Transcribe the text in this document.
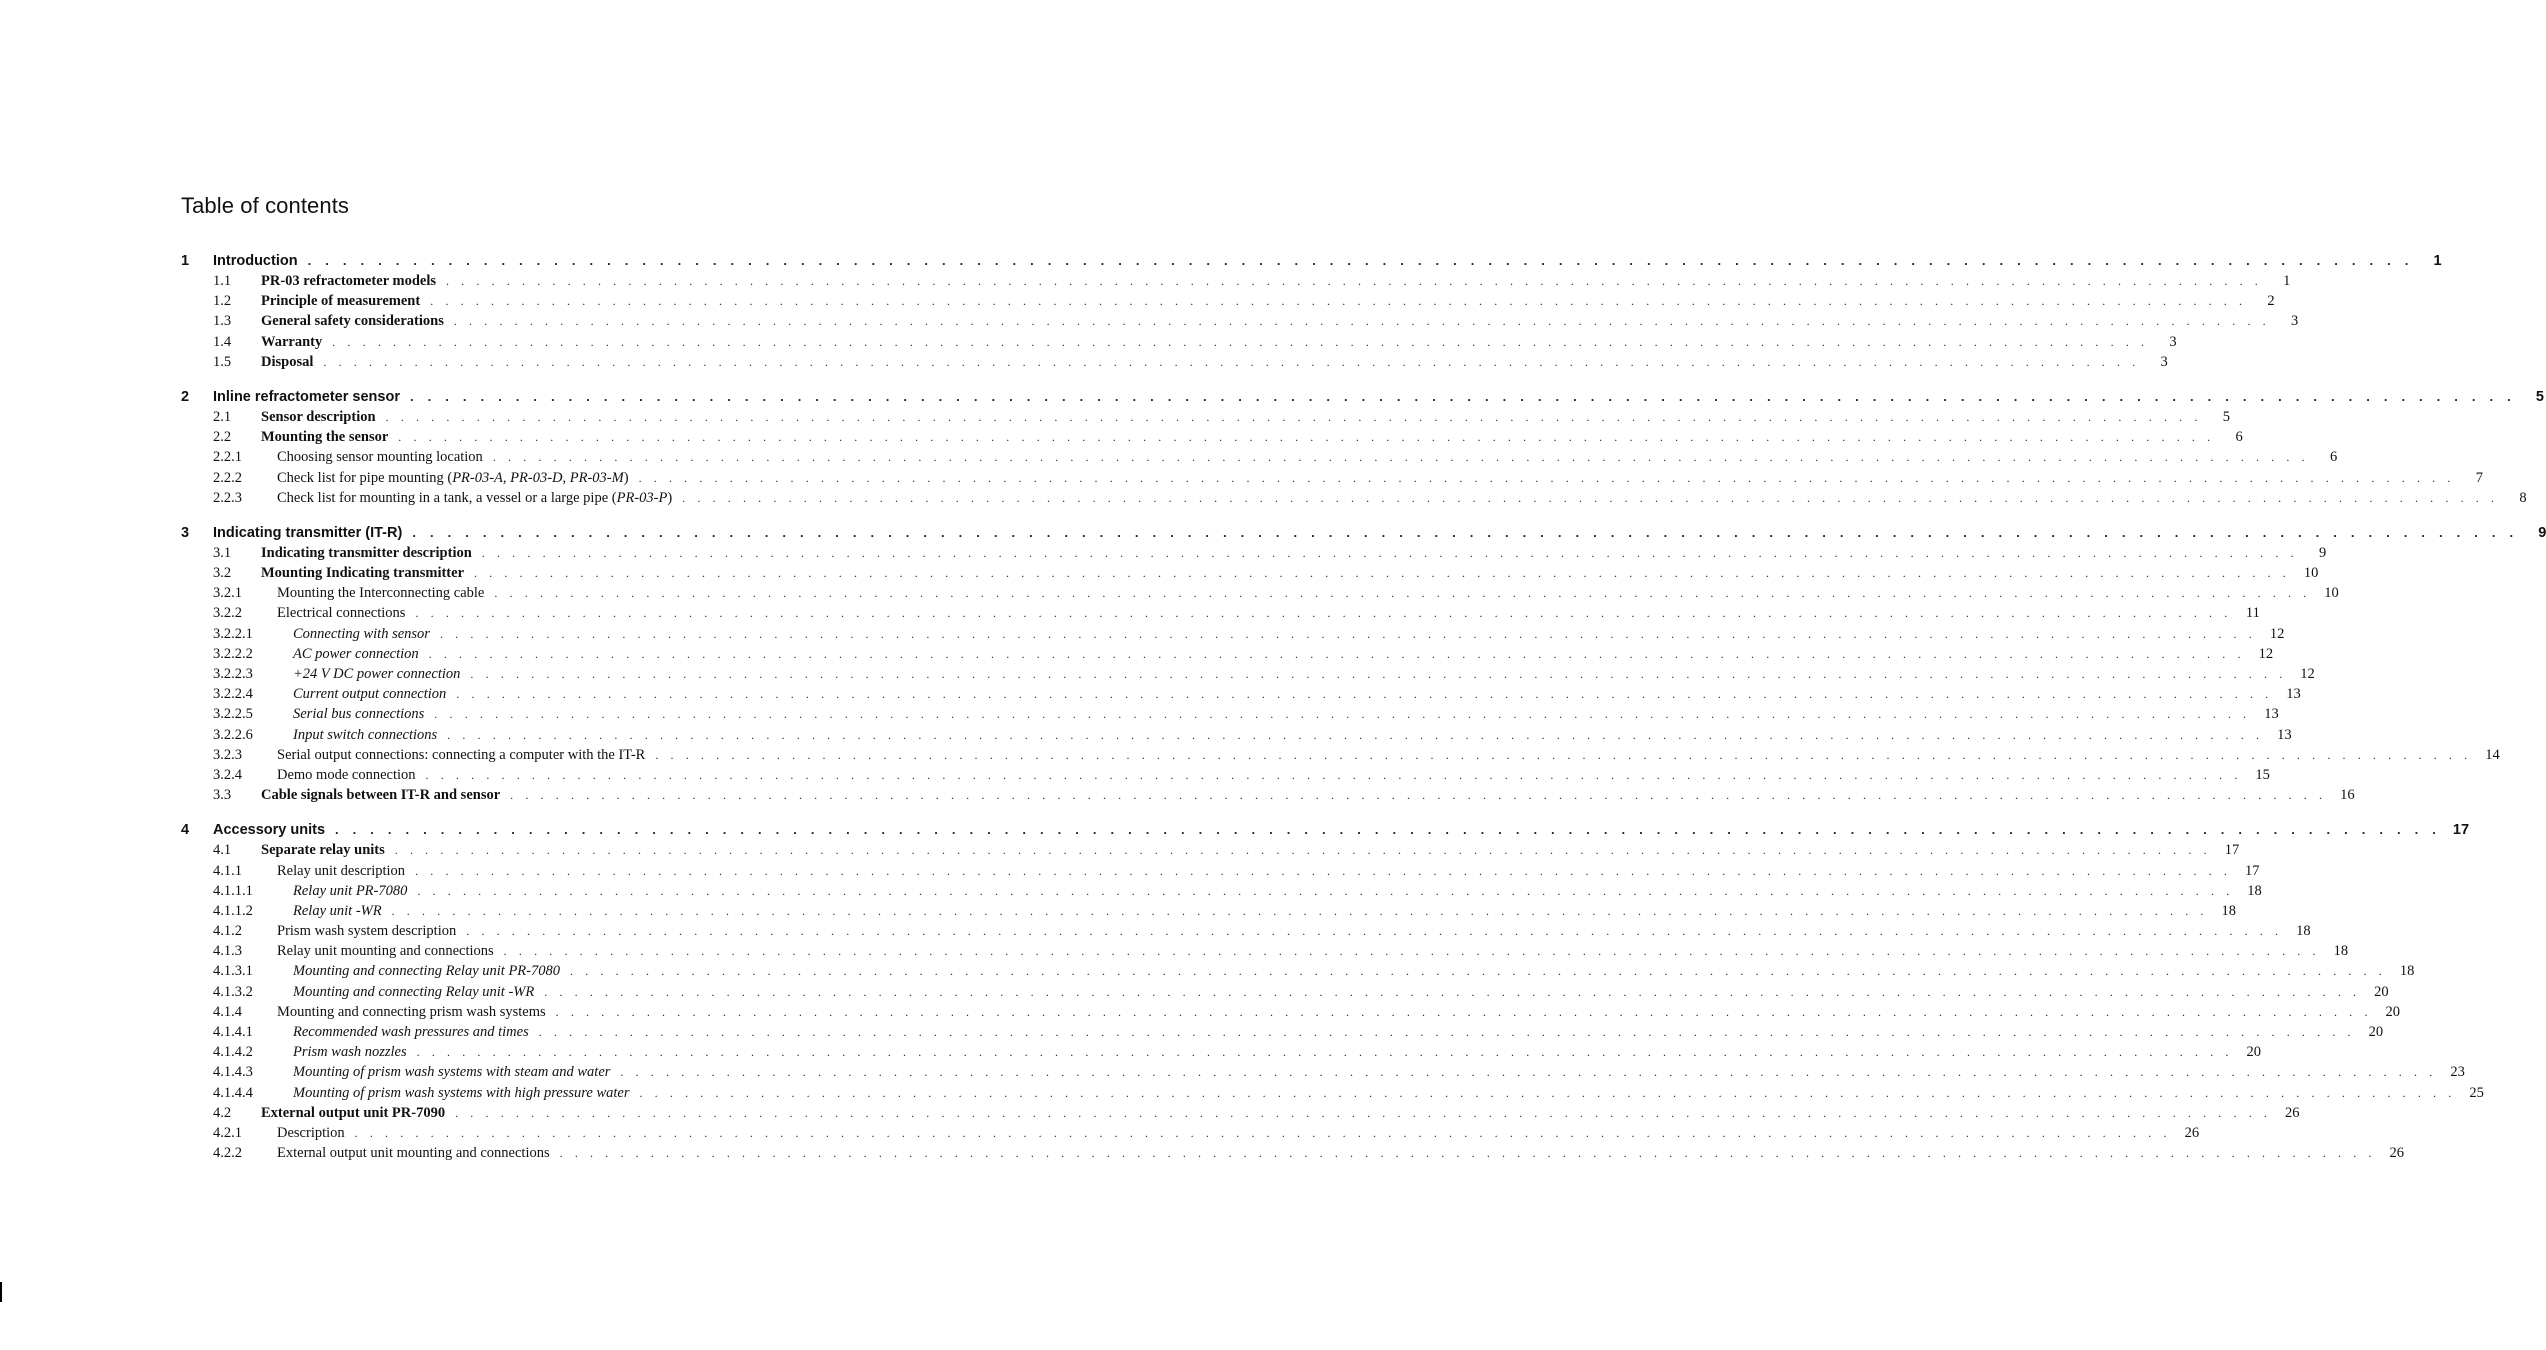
Table of contents
1	Introduction . . . . . . . . . . . . . . . . . . . . . . . . . . . . . . . . . . . . . . . . . . . . . . . . . . . . . . . . . . . . . . . . . . . . . . . . . . . . . . . . . . . . . . . . . . . . . . . . . . . . . . . . . . . . . . . . . . . . . . . .	1
1.1	PR-03 refractometer models . . . . . . . . . . . . . . . . . . . . . . . . . . . . . . . . . . . . . . . . . . . . . . . . . . . . . . . . . . . . . . . . . . . . . . . . . . . . . . . . . . . . . . . . . . . . . . . . . . . . . . . . . . . . . . . . . . . . . . . .	1
1.2	Principle of measurement . . . . . . . . . . . . . . . . . . . . . . . . . . . . . . . . . . . . . . . . . . . . . . . . . . . . . . . . . . . . . . . . . . . . . . . . . . . . . . . . . . . . . . . . . . . . . . . . . . . . . . . . . . . . . . . . . . . . . . . .	2
1.3	General safety considerations . . . . . . . . . . . . . . . . . . . . . . . . . . . . . . . . . . . . . . . . . . . . . . . . . . . . . . . . . . . . . . . . . . . . . . . . . . . . . . . . . . . . . . . . . . . . . . . . . . . . . . . . . . . . . . . . . . . . . . . .	3
1.4	Warranty . . . . . . . . . . . . . . . . . . . . . . . . . . . . . . . . . . . . . . . . . . . . . . . . . . . . . . . . . . . . . . . . . . . . . . . . . . . . . . . . . . . . . . . . . . . . . . . . . . . . . . . . . . . . . . . . . . . . . . . .	3
1.5	Disposal . . . . . . . . . . . . . . . . . . . . . . . . . . . . . . . . . . . . . . . . . . . . . . . . . . . . . . . . . . . . . . . . . . . . . . . . . . . . . . . . . . . . . . . . . . . . . . . . . . . . . . . . . . . . . . . . . . . . . . . .	3
2	Inline refractometer sensor . . . . . . . . . . . . . . . . . . . . . . . . . . . . . . . . . . . . . . . . . . . . . . . . . . . . . . . . . . . . . . . . . . . . . . . . . . . . . . . . . . . . . . . . . . . . . . . . . . . . . . . . . . . . . . . . . . . . . . . .	5
2.1	Sensor description . . . . . . . . . . . . . . . . . . . . . . . . . . . . . . . . . . . . . . . . . . . . . . . . . . . . . . . . . . . . . . . . . . . . . . . . . . . . . . . . . . . . . . . . . . . . . . . . . . . . . . . . . . . . . . . . . . . . . . . .	5
2.2	Mounting the sensor . . . . . . . . . . . . . . . . . . . . . . . . . . . . . . . . . . . . . . . . . . . . . . . . . . . . . . . . . . . . . . . . . . . . . . . . . . . . . . . . . . . . . . . . . . . . . . . . . . . . . . . . . . . . . . . . . . . . . . . .	6
2.2.1	Choosing sensor mounting location . . . . . . . . . . . . . . . . . . . . . . . . . . . . . . . . . . . . . . . . . . . . . . . . . . . . . . . . . . . . . . . . . . . . . . . . . . . . . . . . . . . . . . . . . . . . . . . . . . . . . . . . . . . . . . . . . . . . . . . .	6
2.2.2	Check list for pipe mounting (PR-03-A, PR-03-D, PR-03-M) . . . . . . . . . . . . . . . . . . . . . . . . . . . . . . . . . . . . . . . . . . . . . . . . . . . . . . . . . . . . . . . . . . . . . . . . . . . . . . . . . . . . . . . . . . . . . . . . . . . . . . . . . . . . . . . . . . . . . . . .	7
2.2.3	Check list for mounting in a tank, a vessel or a large pipe (PR-03-P) . . . . . . . . . . . . . . . . . . . . . . . . . . . . . . . . . . . . . . . . . . . . . . . . . . . . . . . . . . . . . . . . . . . . . . . . . . . . . . . . . . . . . . . . . . . . . . . . . . . . . . . . . . . . . . . . . . . . . . . .	8
3	Indicating transmitter (IT-R) . . . . . . . . . . . . . . . . . . . . . . . . . . . . . . . . . . . . . . . . . . . . . . . . . . . . . . . . . . . . . . . . . . . . . . . . . . . . . . . . . . . . . . . . . . . . . . . . . . . . . . . . . . . . . . . . . . . . . . . .	9
3.1	Indicating transmitter description . . . . . . . . . . . . . . . . . . . . . . . . . . . . . . . . . . . . . . . . . . . . . . . . . . . . . . . . . . . . . . . . . . . . . . . . . . . . . . . . . . . . . . . . . . . . . . . . . . . . . . . . . . . . . . . . . . . . . . . .	9
3.2	Mounting Indicating transmitter . . . . . . . . . . . . . . . . . . . . . . . . . . . . . . . . . . . . . . . . . . . . . . . . . . . . . . . . . . . . . . . . . . . . . . . . . . . . . . . . . . . . . . . . . . . . . . . . . . . . . . . . . . . . . . . . . . . . . . . . 10
3.2.1	Mounting the Interconnecting cable . . . . . . . . . . . . . . . . . . . . . . . . . . . . . . . . . . . . . . . . . . . . . . . . . . . . . . . . . . . . . . . . . . . . . . . . . . . . . . . . . . . . . . . . . . . . . . . . . . . . . . . . . . . . . . . . . . . . . . . . 10
3.2.2	Electrical connections . . . . . . . . . . . . . . . . . . . . . . . . . . . . . . . . . . . . . . . . . . . . . . . . . . . . . . . . . . . . . . . . . . . . . . . . . . . . . . . . . . . . . . . . . . . . . . . . . . . . . . . . . . . . . . . . . . . . . . . . 11
3.2.2.1	Connecting with sensor . . . . . . . . . . . . . . . . . . . . . . . . . . . . . . . . . . . . . . . . . . . . . . . . . . . . . . . . . . . . . . . . . . . . . . . . . . . . . . . . . . . . . . . . . . . . . . . . . . . . . . . . . . . . . . . . . . . . . . . . 12
3.2.2.2	AC power connection . . . . . . . . . . . . . . . . . . . . . . . . . . . . . . . . . . . . . . . . . . . . . . . . . . . . . . . . . . . . . . . . . . . . . . . . . . . . . . . . . . . . . . . . . . . . . . . . . . . . . . . . . . . . . . . . . . . . . . . . 12
3.2.2.3	+24 V DC power connection . . . . . . . . . . . . . . . . . . . . . . . . . . . . . . . . . . . . . . . . . . . . . . . . . . . . . . . . . . . . . . . . . . . . . . . . . . . . . . . . . . . . . . . . . . . . . . . . . . . . . . . . . . . . . . . . . . . . . . . . 12
3.2.2.4	Current output connection . . . . . . . . . . . . . . . . . . . . . . . . . . . . . . . . . . . . . . . . . . . . . . . . . . . . . . . . . . . . . . . . . . . . . . . . . . . . . . . . . . . . . . . . . . . . . . . . . . . . . . . . . . . . . . . . . . . . . . . . 13
3.2.2.5	Serial bus connections . . . . . . . . . . . . . . . . . . . . . . . . . . . . . . . . . . . . . . . . . . . . . . . . . . . . . . . . . . . . . . . . . . . . . . . . . . . . . . . . . . . . . . . . . . . . . . . . . . . . . . . . . . . . . . . . . . . . . . . . 13
3.2.2.6	Input switch connections . . . . . . . . . . . . . . . . . . . . . . . . . . . . . . . . . . . . . . . . . . . . . . . . . . . . . . . . . . . . . . . . . . . . . . . . . . . . . . . . . . . . . . . . . . . . . . . . . . . . . . . . . . . . . . . . . . . . . . . . 13
3.2.3	Serial output connections: connecting a computer with the IT-R . . . . . . . . . . . . . . . . . . . . . . . . . . . . . . . . . . . . . . . . . . . . . . . . . . . . . . . . . . . . . . . . . . . . . . . . . . . . . . . . . . . . . . . . . . . . . . . . . . . . . . . . . . . . . . . . . . . . . . . . 14
3.2.4	Demo mode connection . . . . . . . . . . . . . . . . . . . . . . . . . . . . . . . . . . . . . . . . . . . . . . . . . . . . . . . . . . . . . . . . . . . . . . . . . . . . . . . . . . . . . . . . . . . . . . . . . . . . . . . . . . . . . . . . . . . . . . . . 15
3.3	Cable signals between IT-R and sensor . . . . . . . . . . . . . . . . . . . . . . . . . . . . . . . . . . . . . . . . . . . . . . . . . . . . . . . . . . . . . . . . . . . . . . . . . . . . . . . . . . . . . . . . . . . . . . . . . . . . . . . . . . . . . . . . . . . . . . . . 16
4	Accessory units . . . . . . . . . . . . . . . . . . . . . . . . . . . . . . . . . . . . . . . . . . . . . . . . . . . . . . . . . . . . . . . . . . . . . . . . . . . . . . . . . . . . . . . . . . . . . . . . . . . . . . . . . . . . . . . . . . . . . . . . 17
4.1	Separate relay units . . . . . . . . . . . . . . . . . . . . . . . . . . . . . . . . . . . . . . . . . . . . . . . . . . . . . . . . . . . . . . . . . . . . . . . . . . . . . . . . . . . . . . . . . . . . . . . . . . . . . . . . . . . . . . . . . . . . . . . . 17
4.1.1	Relay unit description . . . . . . . . . . . . . . . . . . . . . . . . . . . . . . . . . . . . . . . . . . . . . . . . . . . . . . . . . . . . . . . . . . . . . . . . . . . . . . . . . . . . . . . . . . . . . . . . . . . . . . . . . . . . . . . . . . . . . . . . 17
4.1.1.1	Relay unit PR-7080 . . . . . . . . . . . . . . . . . . . . . . . . . . . . . . . . . . . . . . . . . . . . . . . . . . . . . . . . . . . . . . . . . . . . . . . . . . . . . . . . . . . . . . . . . . . . . . . . . . . . . . . . . . . . . . . . . . . . . . . . 18
4.1.1.2	Relay unit -WR . . . . . . . . . . . . . . . . . . . . . . . . . . . . . . . . . . . . . . . . . . . . . . . . . . . . . . . . . . . . . . . . . . . . . . . . . . . . . . . . . . . . . . . . . . . . . . . . . . . . . . . . . . . . . . . . . . . . . . . . 18
4.1.2	Prism wash system description . . . . . . . . . . . . . . . . . . . . . . . . . . . . . . . . . . . . . . . . . . . . . . . . . . . . . . . . . . . . . . . . . . . . . . . . . . . . . . . . . . . . . . . . . . . . . . . . . . . . . . . . . . . . . . . . . . . . . . . . 18
4.1.3	Relay unit mounting and connections . . . . . . . . . . . . . . . . . . . . . . . . . . . . . . . . . . . . . . . . . . . . . . . . . . . . . . . . . . . . . . . . . . . . . . . . . . . . . . . . . . . . . . . . . . . . . . . . . . . . . . . . . . . . . . . . . . . . . . . . 18
4.1.3.1	Mounting and connecting Relay unit PR-7080 . . . . . . . . . . . . . . . . . . . . . . . . . . . . . . . . . . . . . . . . . . . . . . . . . . . . . . . . . . . . . . . . . . . . . . . . . . . . . . . . . . . . . . . . . . . . . . . . . . . . . . . . . . . . . . . . . . . . . . . . 18
4.1.3.2	Mounting and connecting Relay unit -WR . . . . . . . . . . . . . . . . . . . . . . . . . . . . . . . . . . . . . . . . . . . . . . . . . . . . . . . . . . . . . . . . . . . . . . . . . . . . . . . . . . . . . . . . . . . . . . . . . . . . . . . . . . . . . . . . . . . . . . . . 20
4.1.4	Mounting and connecting prism wash systems . . . . . . . . . . . . . . . . . . . . . . . . . . . . . . . . . . . . . . . . . . . . . . . . . . . . . . . . . . . . . . . . . . . . . . . . . . . . . . . . . . . . . . . . . . . . . . . . . . . . . . . . . . . . . . . . . . . . . . . . 20
4.1.4.1	Recommended wash pressures and times . . . . . . . . . . . . . . . . . . . . . . . . . . . . . . . . . . . . . . . . . . . . . . . . . . . . . . . . . . . . . . . . . . . . . . . . . . . . . . . . . . . . . . . . . . . . . . . . . . . . . . . . . . . . . . . . . . . . . . . . 20
4.1.4.2	Prism wash nozzles . . . . . . . . . . . . . . . . . . . . . . . . . . . . . . . . . . . . . . . . . . . . . . . . . . . . . . . . . . . . . . . . . . . . . . . . . . . . . . . . . . . . . . . . . . . . . . . . . . . . . . . . . . . . . . . . . . . . . . . . 20
4.1.4.3	Mounting of prism wash systems with steam and water . . . . . . . . . . . . . . . . . . . . . . . . . . . . . . . . . . . . . . . . . . . . . . . . . . . . . . . . . . . . . . . . . . . . . . . . . . . . . . . . . . . . . . . . . . . . . . . . . . . . . . . . . . . . . . . . . . . . . . . . 23
4.1.4.4	Mounting of prism wash systems with high pressure water . . . . . . . . . . . . . . . . . . . . . . . . . . . . . . . . . . . . . . . . . . . . . . . . . . . . . . . . . . . . . . . . . . . . . . . . . . . . . . . . . . . . . . . . . . . . . . . . . . . . . . . . . . . . . . . . . . . . . . . . 25
4.2	External output unit PR-7090 . . . . . . . . . . . . . . . . . . . . . . . . . . . . . . . . . . . . . . . . . . . . . . . . . . . . . . . . . . . . . . . . . . . . . . . . . . . . . . . . . . . . . . . . . . . . . . . . . . . . . . . . . . . . . . . . . . . . . . . . 26
4.2.1	Description . . . . . . . . . . . . . . . . . . . . . . . . . . . . . . . . . . . . . . . . . . . . . . . . . . . . . . . . . . . . . . . . . . . . . . . . . . . . . . . . . . . . . . . . . . . . . . . . . . . . . . . . . . . . . . . . . . . . . . . . 26
4.2.2	External output unit mounting and connections . . . . . . . . . . . . . . . . . . . . . . . . . . . . . . . . . . . . . . . . . . . . . . . . . . . . . . . . . . . . . . . . . . . . . . . . . . . . . . . . . . . . . . . . . . . . . . . . . . . . . . . . . . . . . . . . . . . . . . . . 26
